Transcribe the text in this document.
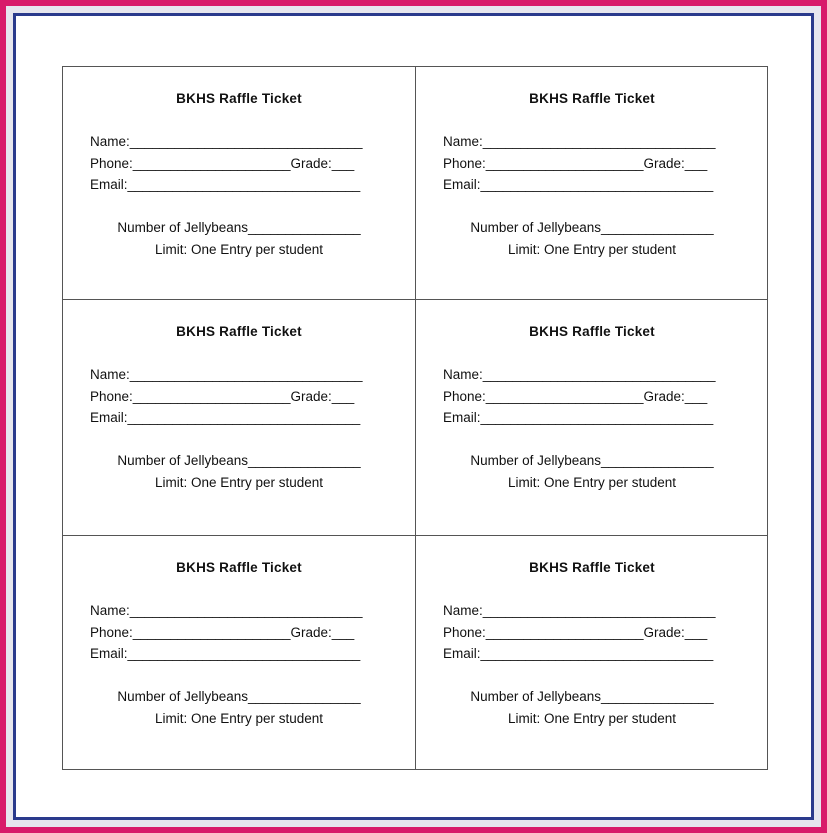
BKHS Raffle Ticket
Name:_______________________________
Phone:_____________________Grade:___
Email:_______________________________
Number of Jellybeans_______________
Limit: One Entry per student
BKHS Raffle Ticket
Name:_______________________________
Phone:_____________________Grade:___
Email:_______________________________
Number of Jellybeans_______________
Limit: One Entry per student
BKHS Raffle Ticket
Name:_______________________________
Phone:_____________________Grade:___
Email:_______________________________
Number of Jellybeans_______________
Limit: One Entry per student
BKHS Raffle Ticket
Name:_______________________________
Phone:_____________________Grade:___
Email:_______________________________
Number of Jellybeans_______________
Limit: One Entry per student
BKHS Raffle Ticket
Name:_______________________________
Phone:_____________________Grade:___
Email:_______________________________
Number of Jellybeans_______________
Limit: One Entry per student
BKHS Raffle Ticket
Name:_______________________________
Phone:_____________________Grade:___
Email:_______________________________
Number of Jellybeans_______________
Limit: One Entry per student
